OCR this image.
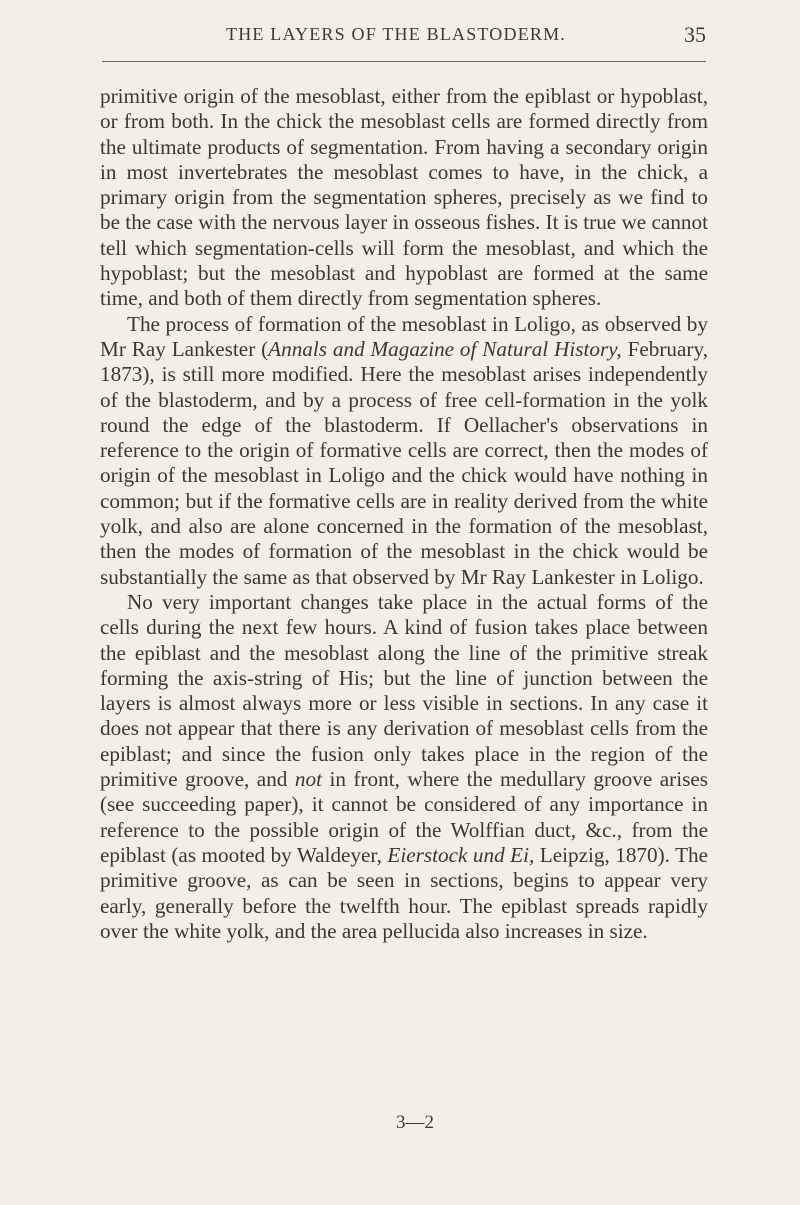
THE LAYERS OF THE BLASTODERM.	35

primitive origin of the mesoblast, either from the epiblast or hypoblast, or from both. In the chick the mesoblast cells are formed directly from the ultimate products of segmentation. From having a secondary origin in most invertebrates the mesoblast comes to have, in the chick, a primary origin from the segmentation spheres, precisely as we find to be the case with the nervous layer in osseous fishes. It is true we cannot tell which segmentation-cells will form the mesoblast, and which the hypoblast; but the mesoblast and hypoblast are formed at the same time, and both of them directly from segmentation spheres.

The process of formation of the mesoblast in Loligo, as observed by Mr Ray Lankester (Annals and Magazine of Natural History, February, 1873), is still more modified. Here the mesoblast arises independently of the blastoderm, and by a process of free cell-formation in the yolk round the edge of the blastoderm. If Oellacher's observations in reference to the origin of formative cells are correct, then the modes of origin of the mesoblast in Loligo and the chick would have nothing in common; but if the formative cells are in reality derived from the white yolk, and also are alone concerned in the formation of the mesoblast, then the modes of formation of the mesoblast in the chick would be substantially the same as that observed by Mr Ray Lankester in Loligo.

No very important changes take place in the actual forms of the cells during the next few hours. A kind of fusion takes place between the epiblast and the mesoblast along the line of the primitive streak forming the axis-string of His; but the line of junction between the layers is almost always more or less visible in sections. In any case it does not appear that there is any derivation of mesoblast cells from the epiblast; and since the fusion only takes place in the region of the primitive groove, and not in front, where the medullary groove arises (see succeeding paper), it cannot be considered of any importance in reference to the possible origin of the Wolffian duct, &c., from the epiblast (as mooted by Waldeyer, Eierstock und Ei, Leipzig, 1870). The primitive groove, as can be seen in sections, begins to appear very early, generally before the twelfth hour. The epiblast spreads rapidly over the white yolk, and the area pellucida also increases in size.

3—2
